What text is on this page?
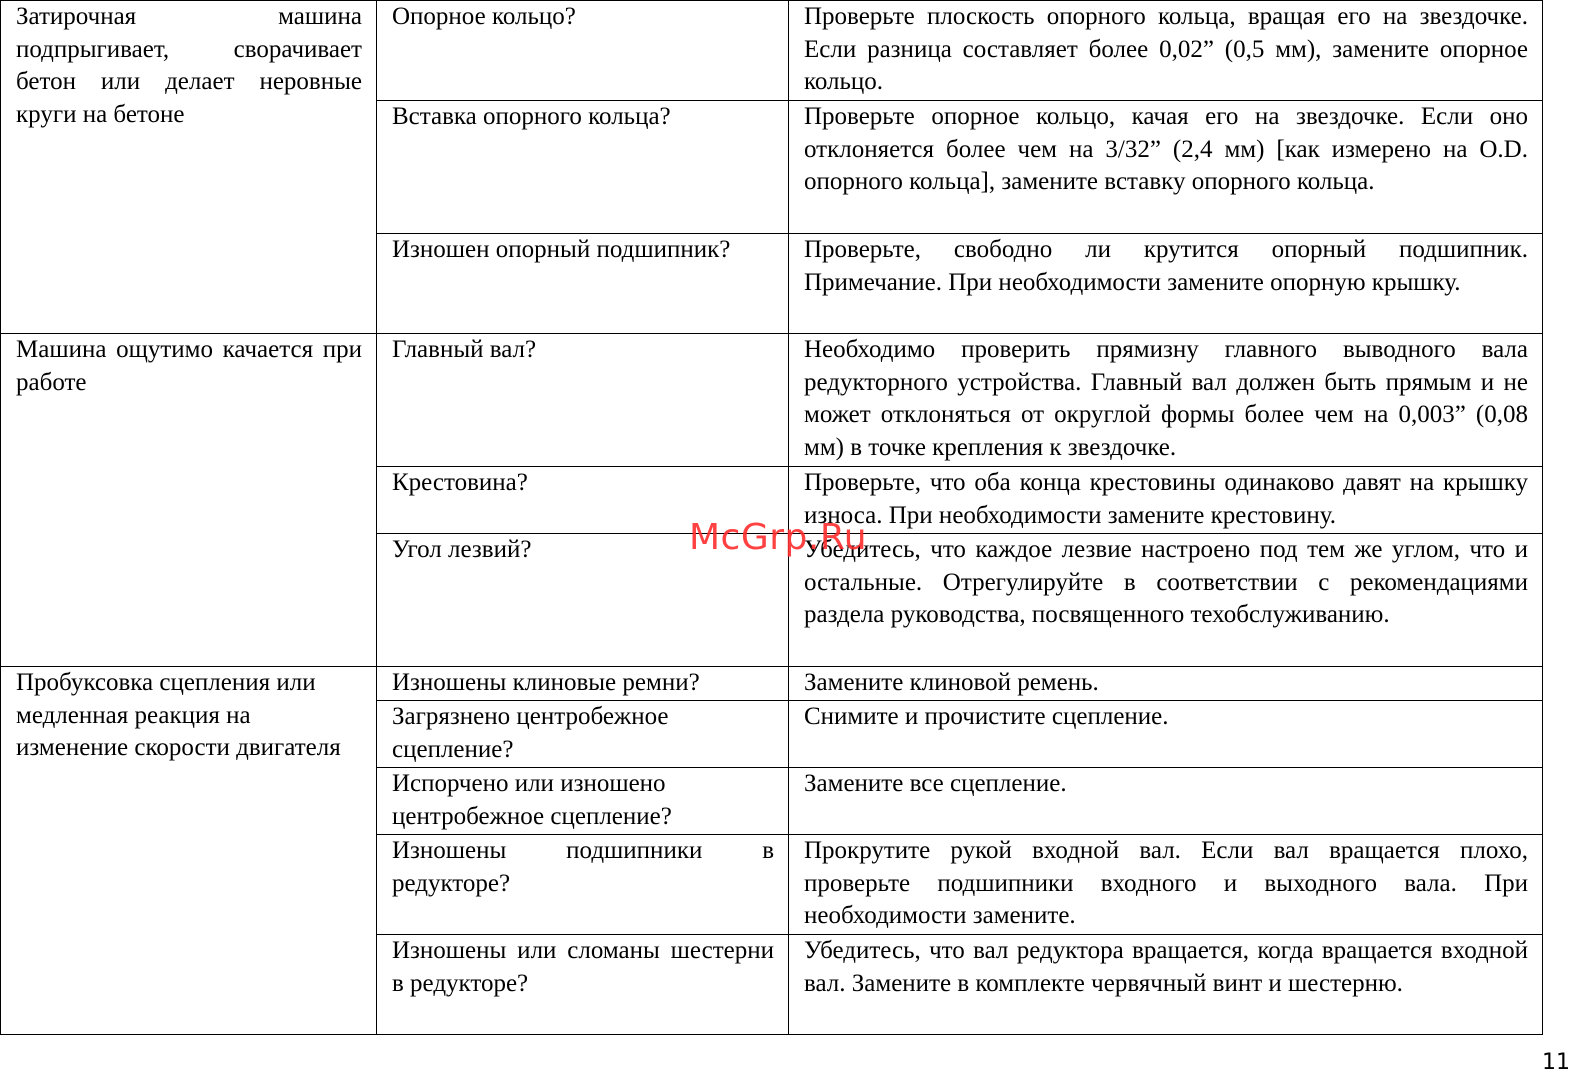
Затирочная машина подпрыгивает, сворачивает бетон или делает неровные круги на бетоне	Опорное кольцо?	Проверьте плоскость опорного кольца, вращая его на звездочке. Если разница составляет более 0,02” (0,5 мм), замените опорное кольцо.
	Вставка опорного кольца?	Проверьте опорное кольцо, качая его на звездочке. Если оно отклоняется более чем на 3/32” (2,4 мм) [как измерено на O.D. опорного кольца], замените вставку опорного кольца.
	Изношен опорный подшипник?	Проверьте, свободно ли крутится опорный подшипник. Примечание. При необходимости замените опорную крышку.
Машина ощутимо качается при работе	Главный вал?	Необходимо проверить прямизну главного выводного вала редукторного устройства. Главный вал должен быть прямым и не может отклоняться от округлой формы более чем на 0,003” (0,08 мм) в точке крепления к звездочке.
	Крестовина?	Проверьте, что оба конца крестовины одинаково давят на крышку износа. При необходимости замените крестовину.
	Угол лезвий?	Убедитесь, что каждое лезвие настроено под тем же углом, что и остальные. Отрегулируйте в соответствии с рекомендациями раздела руководства, посвященного техобслуживанию.
Пробуксовка сцепления или медленная реакция на изменение скорости двигателя	Изношены клиновые ремни?	Замените клиновой ремень.
	Загрязнено центробежное сцепление?	Снимите и прочистите сцепление.
	Испорчено или изношено центробежное сцепление?	Замените все сцепление.
	Изношены подшипники в редукторе?	Прокрутите рукой входной вал. Если вал вращается плохо, проверьте подшипники входного и выходного вала. При необходимости замените.
	Изношены или сломаны шестерни в редукторе?	Убедитесь, что вал редуктора вращается, когда вращается входной вал. Замените в комплекте червячный винт и шестерню.
McGrp.Ru
11
